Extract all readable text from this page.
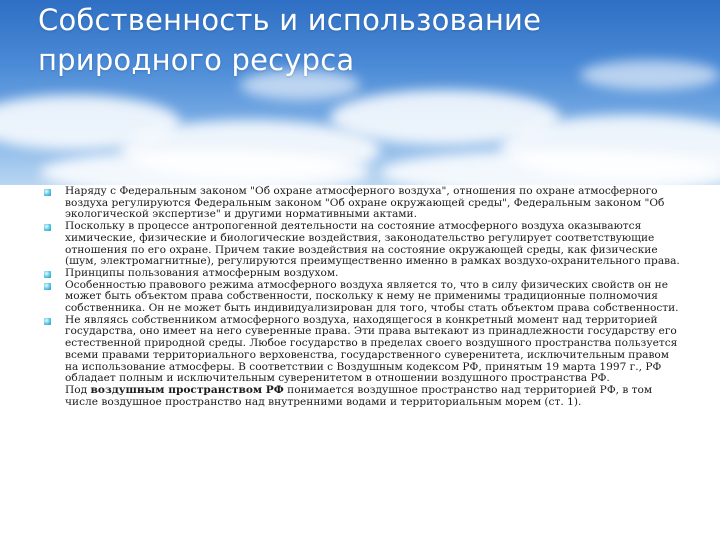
Собственность и использование природного ресурса
Наряду с Федеральным законом "Об охране атмосферного воздуха", отношения по охране атмосферного воздуха регулируются Федеральным законом "Об охране окружающей среды", Федеральным законом "Об экологической экспертизе" и другими нормативными актами.
Поскольку в процессе антропогенной деятельности на состояние атмосферного воздуха оказываются химические, физические и биологические воздействия, законодательство регулирует соответствующие отношения по его охране. Причем такие воздействия на состояние окружающей среды, как физические (шум, электромагнитные), регулируются преимущественно именно в рамках воздухо-охранительного права.
Принципы пользования атмосферным воздухом.
Особенностью правового режима атмосферного воздуха является то, что в силу физических свойств он не может быть объектом права собственности, поскольку к нему не применимы традиционные полномочия собственника. Он не может быть индивидуализирован для того, чтобы стать объектом права собственности.
Не являясь собственником атмосферного воздуха, находящегося в конкретный момент над территорией государства, оно имеет на него суверенные права. Эти права вытекают из принадлежности государству его естественной природной среды. Любое государство в пределах своего воздушного пространства пользуется всеми правами территориального верховенства, государственного суверенитета, исключительным правом на использование атмосферы. В соответствии с Воздушным кодексом РФ, принятым 19 марта 1997 г., РФ обладает полным и исключительным суверенитетом в отношении воздушного пространства РФ.
Под воздушным пространством РФ понимается воздушное пространство над территорией РФ, в том числе воздушное пространство над внутренними водами и территориальным морем (ст. 1).
